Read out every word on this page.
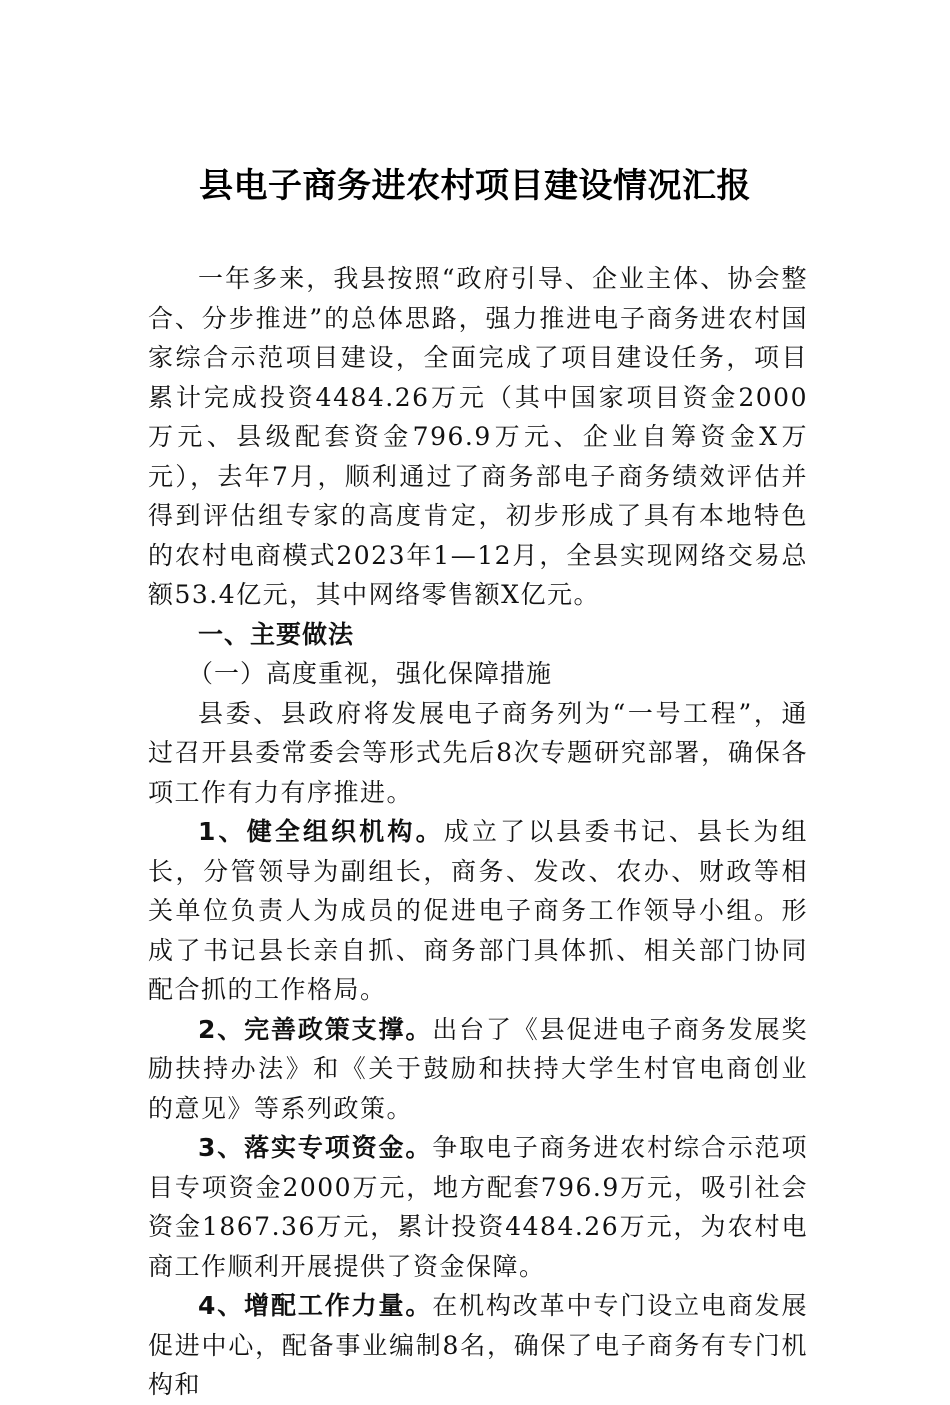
县电子商务进农村项目建设情况汇报

一年多来，我县按照“政府引导、企业主体、协会整合、分步推进”的总体思路，强力推进电子商务进农村国家综合示范项目建设，全面完成了项目建设任务，项目累计完成投资4484.26万元（其中国家项目资金2000万元、县级配套资金796.9万元、企业自筹资金X万元），去年7月，顺利通过了商务部电子商务绩效评估并得到评估组专家的高度肯定，初步形成了具有本地特色的农村电商模式2023年1—12月，全县实现网络交易总额53.4亿元，其中网络零售额X亿元。

一、主要做法

（一）高度重视，强化保障措施

县委、县政府将发展电子商务列为“一号工程”，通过召开县委常委会等形式先后8次专题研究部署，确保各项工作有力有序推进。

1、健全组织机构。成立了以县委书记、县长为组长，分管领导为副组长，商务、发改、农办、财政等相关单位负责人为成员的促进电子商务工作领导小组。形成了书记县长亲自抓、商务部门具体抓、相关部门协同配合抓的工作格局。

2、完善政策支撑。出台了《县促进电子商务发展奖励扶持办法》和《关于鼓励和扶持大学生村官电商创业的意见》等系列政策。

3、落实专项资金。争取电子商务进农村综合示范项目专项资金2000万元，地方配套796.9万元，吸引社会资金1867.36万元，累计投资4484.26万元，为农村电商工作顺利开展提供了资金保障。

4、增配工作力量。在机构改革中专门设立电商发展促进中心，配备事业编制8名，确保了电子商务有专门机构和
